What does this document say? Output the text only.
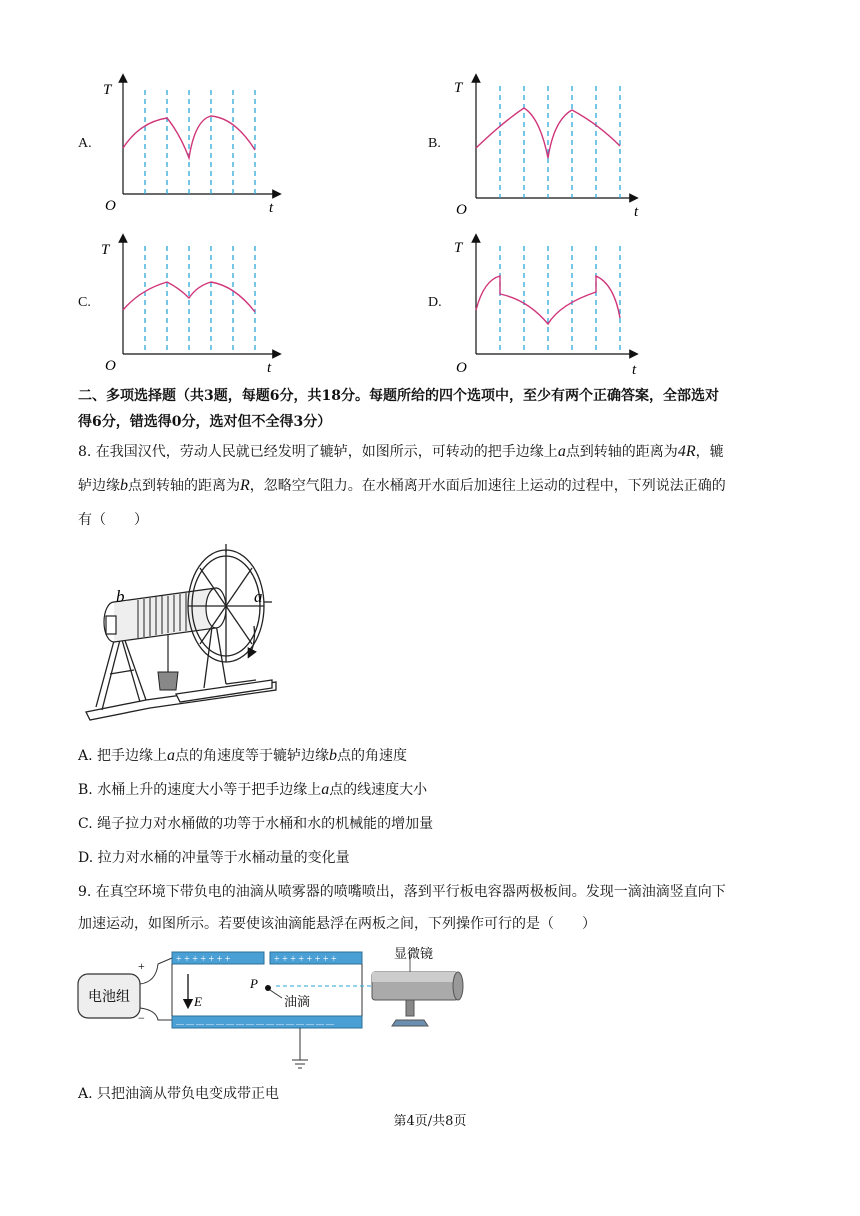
A.
T
O	t
B.
T
O	t
C.
T
O	t
D.
T
O	t
二、多项选择题（共3题，每题6分，共18分。每题所给的四个选项中，至少有两个正确答案，全部选对
得6分，错选得0分，选对但不全得3分）
8. 在我国汉代，劳动人民就已经发明了辘轳，如图所示，可转动的把手边缘上a点到转轴的距离为4R，辘
轳边缘b点到转轴的距离为R，忽略空气阻力。在水桶离开水面后加速往上运动的过程中，下列说法正确的
有（　　）
b	a
A. 把手边缘上a点的角速度等于辘轳边缘b点的角速度
B. 水桶上升的速度大小等于把手边缘上a点的线速度大小
C. 绳子拉力对水桶做的功等于水桶和水的机械能的增加量
D. 拉力对水桶的冲量等于水桶动量的变化量
9. 在真空环境下带负电的油滴从喷雾器的喷嘴喷出，落到平行板电容器两极板间。发现一滴油滴竖直向下
加速运动，如图所示。若要使该油滴能悬浮在两板之间，下列操作可行的是（　　）
电池组
+
−
+ + + + + + +	+ + + + + + + +
— — — — — — — — — — — — — — — —
E
P
油滴
显微镜
A. 只把油滴从带负电变成带正电
第4页/共8页
